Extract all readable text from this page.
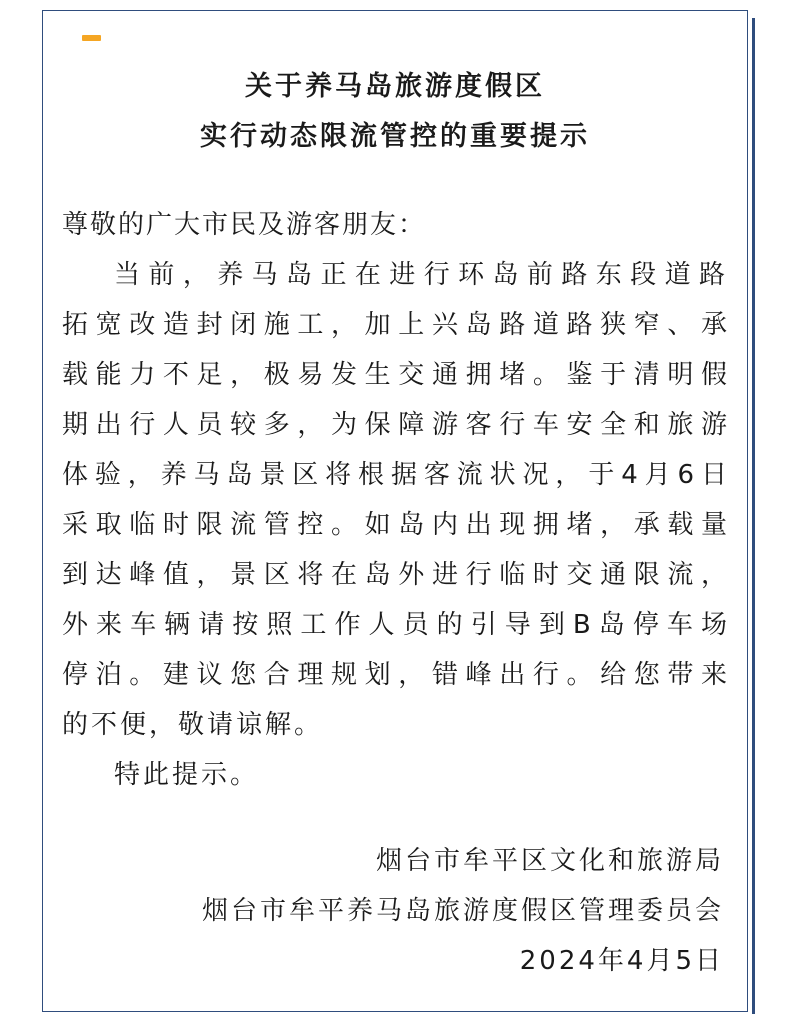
关于养马岛旅游度假区
实行动态限流管控的重要提示
尊敬的广大市民及游客朋友：
当前，养马岛正在进行环岛前路东段道路
拓宽改造封闭施工，加上兴岛路道路狭窄、承
载能力不足，极易发生交通拥堵。鉴于清明假
期出行人员较多，为保障游客行车安全和旅游
体验，养马岛景区将根据客流状况，于4月6日
采取临时限流管控。如岛内出现拥堵，承载量
到达峰值，景区将在岛外进行临时交通限流，
外来车辆请按照工作人员的引导到B岛停车场
停泊。建议您合理规划，错峰出行。给您带来
的不便，敬请谅解。
特此提示。
烟台市牟平区文化和旅游局
烟台市牟平养马岛旅游度假区管理委员会
2024年4月5日
